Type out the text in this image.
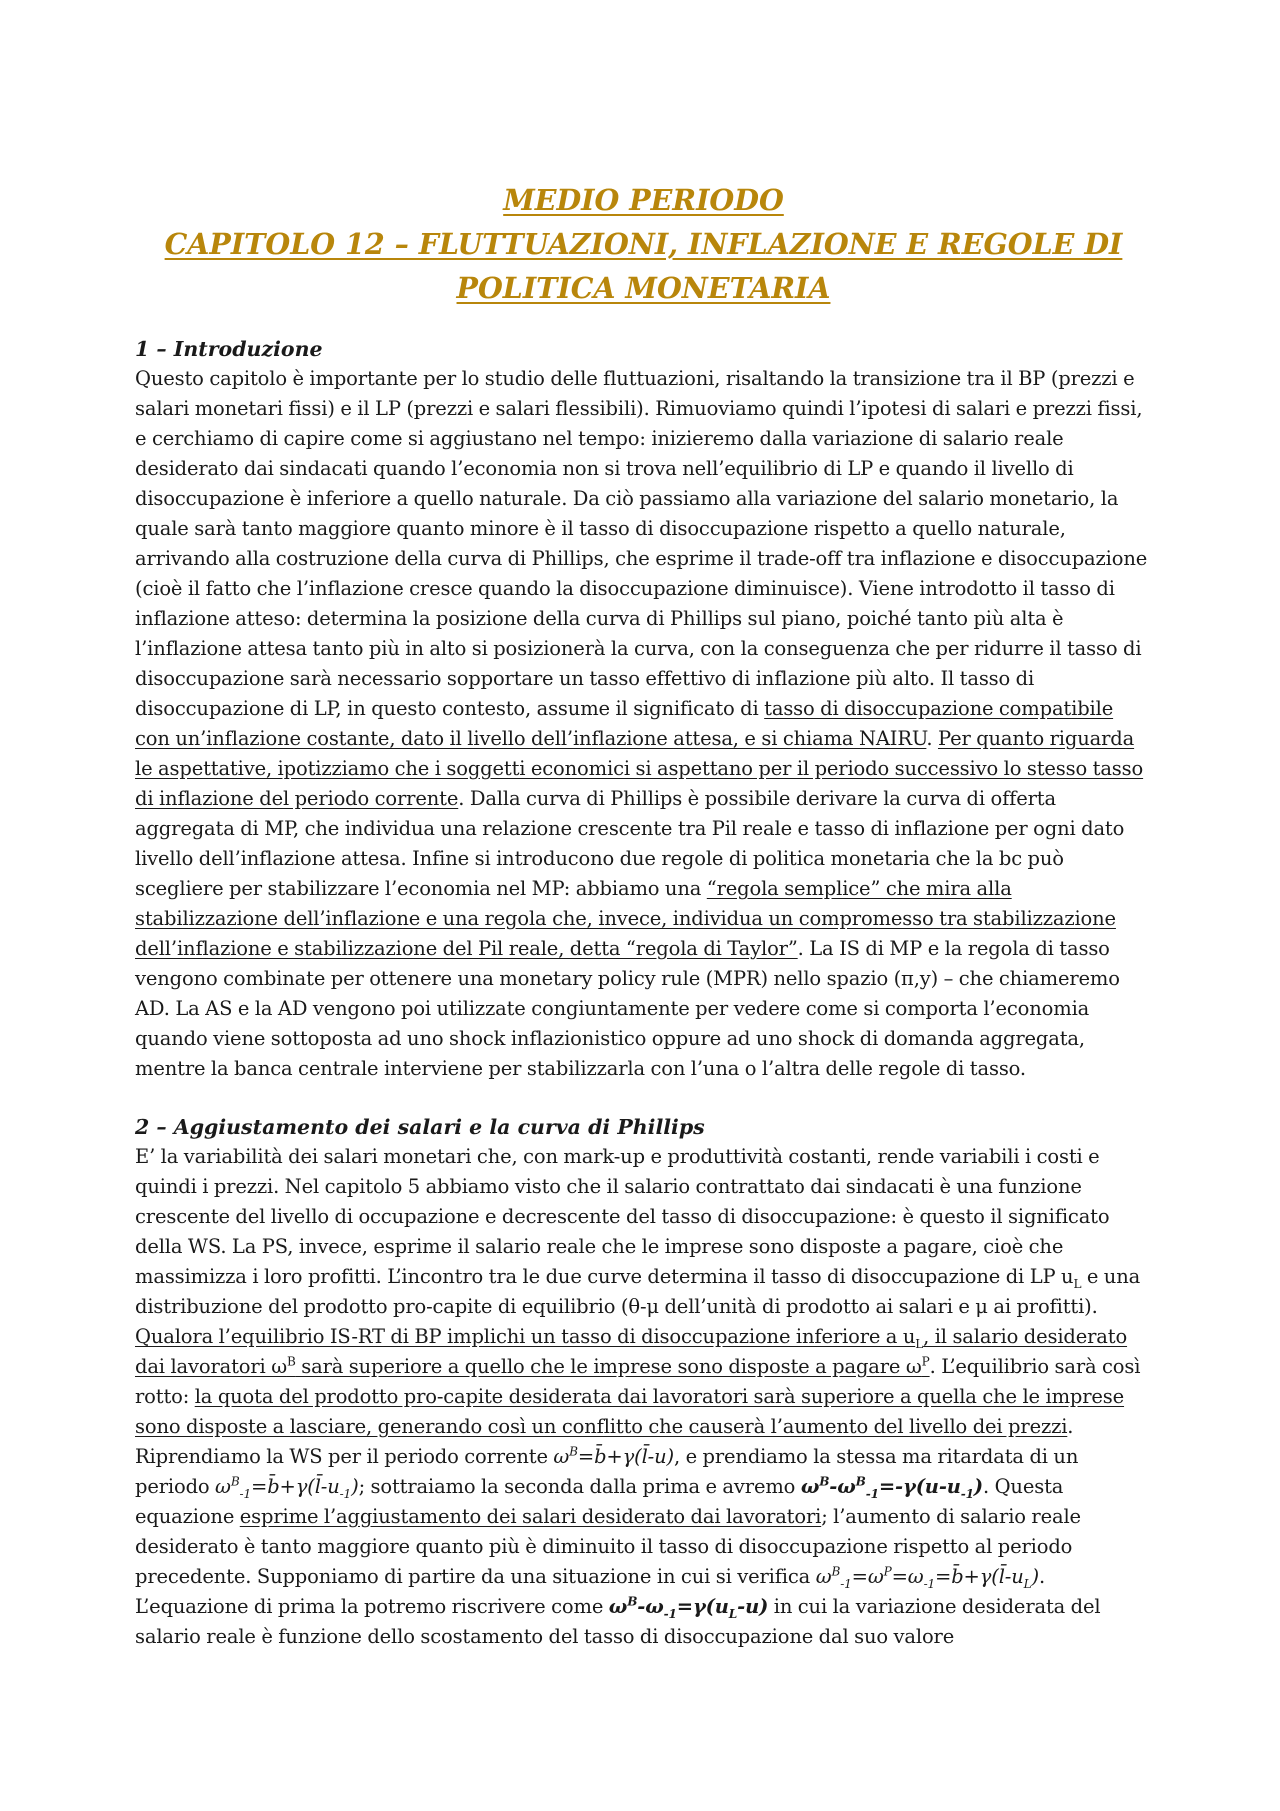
MEDIO PERIODO

CAPITOLO 12 – FLUTTUAZIONI, INFLAZIONE E REGOLE DI

POLITICA MONETARIA

1 – Introduzione

Questo capitolo è importante per lo studio delle fluttuazioni, risaltando la transizione tra il BP (prezzi e salari monetari fissi) e il LP (prezzi e salari flessibili). Rimuoviamo quindi l’ipotesi di salari e prezzi fissi, e cerchiamo di capire come si aggiustano nel tempo: inizieremo dalla variazione di salario reale desiderato dai sindacati quando l’economia non si trova nell’equilibrio di LP e quando il livello di disoccupazione è inferiore a quello naturale. Da ciò passiamo alla variazione del salario monetario, la quale sarà tanto maggiore quanto minore è il tasso di disoccupazione rispetto a quello naturale, arrivando alla costruzione della curva di Phillips, che esprime il trade-off tra inflazione e disoccupazione (cioè il fatto che l’inflazione cresce quando la disoccupazione diminuisce). Viene introdotto il tasso di inflazione atteso: determina la posizione della curva di Phillips sul piano, poiché tanto più alta è l’inflazione attesa tanto più in alto si posizionerà la curva, con la conseguenza che per ridurre il tasso di disoccupazione sarà necessario sopportare un tasso effettivo di inflazione più alto. Il tasso di disoccupazione di LP, in questo contesto, assume il significato di tasso di disoccupazione compatibile con un’inflazione costante, dato il livello dell’inflazione attesa, e si chiama NAIRU. Per quanto riguarda le aspettative, ipotizziamo che i soggetti economici si aspettano per il periodo successivo lo stesso tasso di inflazione del periodo corrente. Dalla curva di Phillips è possibile derivare la curva di offerta aggregata di MP, che individua una relazione crescente tra Pil reale e tasso di inflazione per ogni dato livello dell’inflazione attesa. Infine si introducono due regole di politica monetaria che la bc può scegliere per stabilizzare l’economia nel MP: abbiamo una “regola semplice” che mira alla stabilizzazione dell’inflazione e una regola che, invece, individua un compromesso tra stabilizzazione dell’inflazione e stabilizzazione del Pil reale, detta “regola di Taylor”. La IS di MP e la regola di tasso vengono combinate per ottenere una monetary policy rule (MPR) nello spazio (π,y) – che chiameremo AD. La AS e la AD vengono poi utilizzate congiuntamente per vedere come si comporta l’economia quando viene sottoposta ad uno shock inflazionistico oppure ad uno shock di domanda aggregata, mentre la banca centrale interviene per stabilizzarla con l’una o l’altra delle regole di tasso.

2 – Aggiustamento dei salari e la curva di Phillips

E’ la variabilità dei salari monetari che, con mark-up e produttività costanti, rende variabili i costi e quindi i prezzi. Nel capitolo 5 abbiamo visto che il salario contrattato dai sindacati è una funzione crescente del livello di occupazione e decrescente del tasso di disoccupazione: è questo il significato della WS. La PS, invece, esprime il salario reale che le imprese sono disposte a pagare, cioè che massimizza i loro profitti. L’incontro tra le due curve determina il tasso di disoccupazione di LP $u_L$ e una distribuzione del prodotto pro-capite di equilibrio (θ-μ dell’unità di prodotto ai salari e μ ai profitti). Qualora l’equilibrio IS-RT di BP implichi un tasso di disoccupazione inferiore a $u_L$, il salario desiderato dai lavoratori $\omega^B$ sarà superiore a quello che le imprese sono disposte a pagare $\omega^P$. L’equilibrio sarà così rotto: la quota del prodotto pro-capite desiderata dai lavoratori sarà superiore a quella che le imprese sono disposte a lasciare, generando così un conflitto che causerà l’aumento del livello dei prezzi. Riprendiamo la WS per il periodo corrente $\omega^B=b̄+\gamma(l̄-u)$, e prendiamo la stessa ma ritardata di un periodo $\omega^B_{-1}=b̄+\gamma(l̄-u_{-1})$; sottraiamo la seconda dalla prima e avremo $\omega^B-\omega^B_{-1}=-\gamma(u-u_{-1})$. Questa equazione esprime l’aggiustamento dei salari desiderato dai lavoratori; l’aumento di salario reale desiderato è tanto maggiore quanto più è diminuito il tasso di disoccupazione rispetto al periodo precedente. Supponiamo di partire da una situazione in cui si verifica $\omega^B_{-1}=\omega^P=\omega_{-1}=b̄+\gamma(l̄-u_L)$. L’equazione di prima la potremo riscrivere come $\omega^B-\omega_{-1}=\gamma(u_L-u)$ in cui la variazione desiderata del salario reale è funzione dello scostamento del tasso di disoccupazione dal suo valore
